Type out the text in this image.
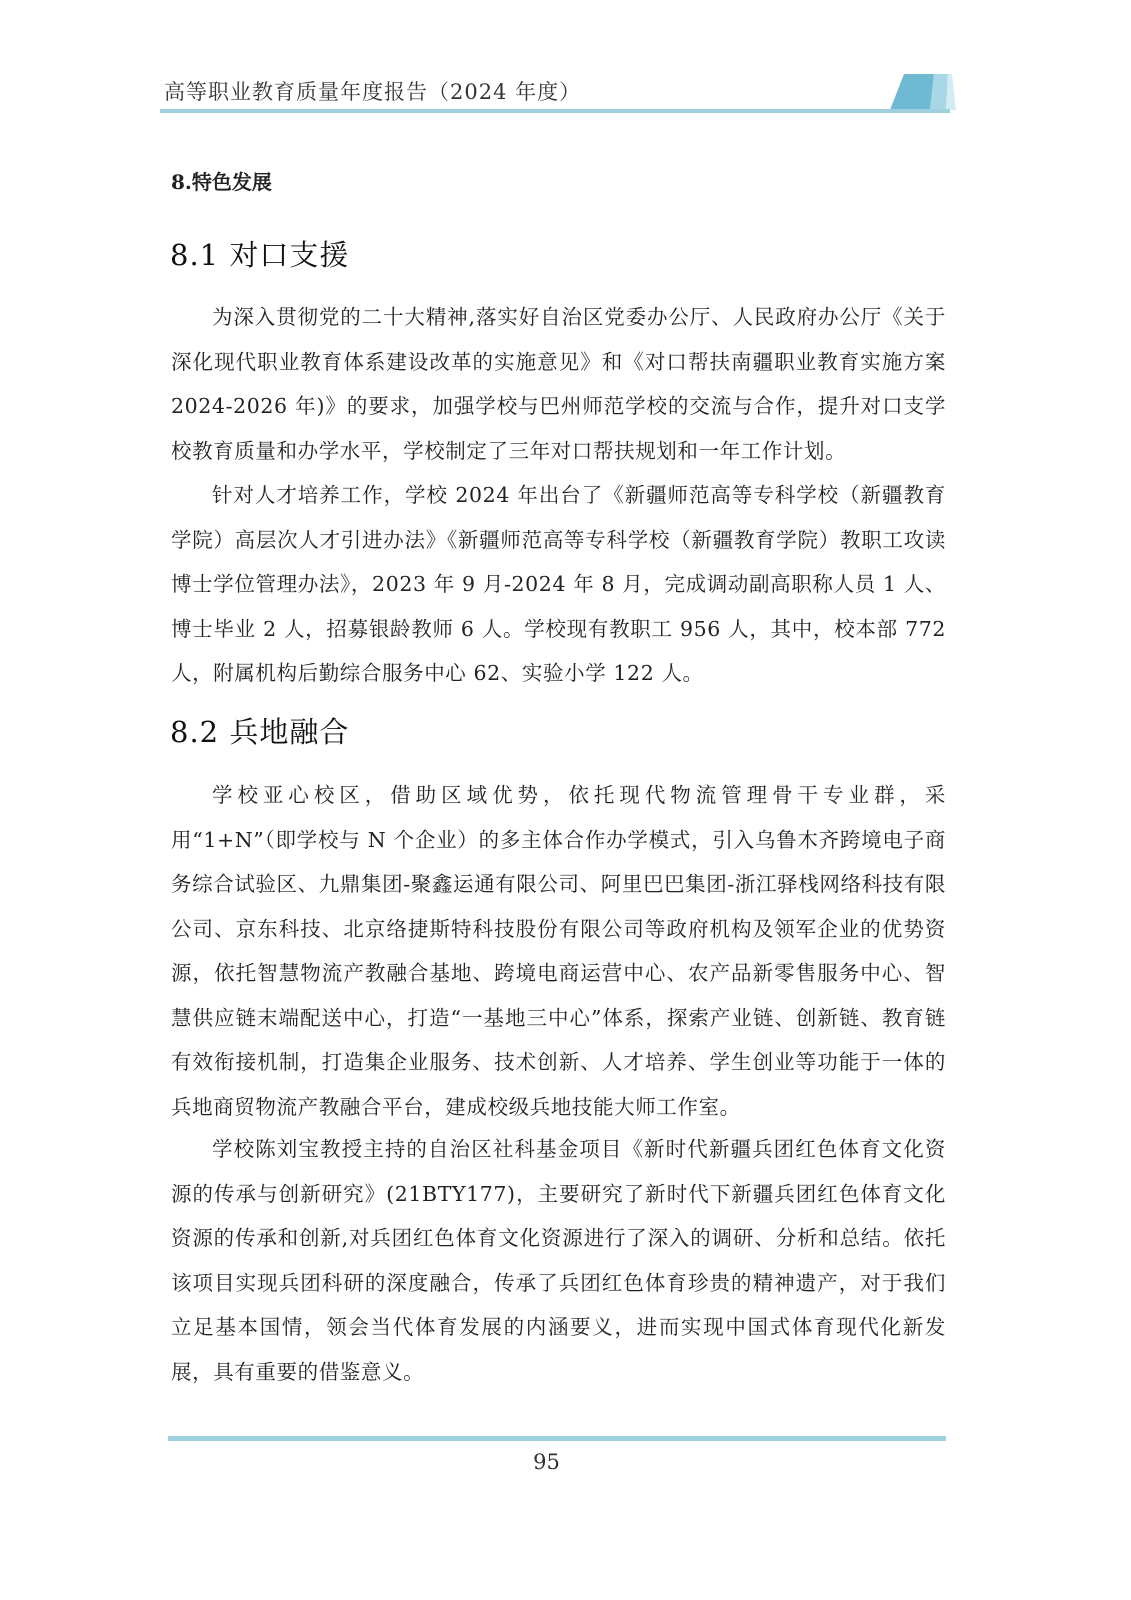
高等职业教育质量年度报告（2024 年度）
8.特色发展
8.1 对口支援

为深入贯彻党的二十大精神,落实好自治区党委办公厅、人民政府办公厅《关于深化现代职业教育体系建设改革的实施意见》和《对口帮扶南疆职业教育实施方案 2024-2026 年)》的要求，加强学校与巴州师范学校的交流与合作，提升对口支学校教育质量和办学水平，学校制定了三年对口帮扶规划和一年工作计划。

针对人才培养工作，学校 2024 年出台了《新疆师范高等专科学校（新疆教育学院）高层次人才引进办法》《新疆师范高等专科学校（新疆教育学院）教职工攻读博士学位管理办法》，2023 年 9 月-2024 年 8 月，完成调动副高职称人员 1 人、博士毕业 2 人，招募银龄教师 6 人。学校现有教职工 956 人，其中，校本部 772 人，附属机构后勤综合服务中心 62、实验小学 122 人。

8.2 兵地融合

学校亚心校区，借助区域优势，依托现代物流管理骨干专业群，采用“1+N”（即学校与 N 个企业）的多主体合作办学模式，引入乌鲁木齐跨境电子商务综合试验区、九鼎集团-聚鑫运通有限公司、阿里巴巴集团-浙江驿栈网络科技有限公司、京东科技、北京络捷斯特科技股份有限公司等政府机构及领军企业的优势资源，依托智慧物流产教融合基地、跨境电商运营中心、农产品新零售服务中心、智慧供应链末端配送中心，打造“一基地三中心”体系，探索产业链、创新链、教育链有效衔接机制，打造集企业服务、技术创新、人才培养、学生创业等功能于一体的兵地商贸物流产教融合平台，建成校级兵地技能大师工作室。

学校陈刘宝教授主持的自治区社科基金项目《新时代新疆兵团红色体育文化资源的传承与创新研究》(21BTY177)，主要研究了新时代下新疆兵团红色体育文化资源的传承和创新,对兵团红色体育文化资源进行了深入的调研、分析和总结。依托该项目实现兵团科研的深度融合，传承了兵团红色体育珍贵的精神遗产，对于我们立足基本国情，领会当代体育发展的内涵要义，进而实现中国式体育现代化新发展，具有重要的借鉴意义。

95
